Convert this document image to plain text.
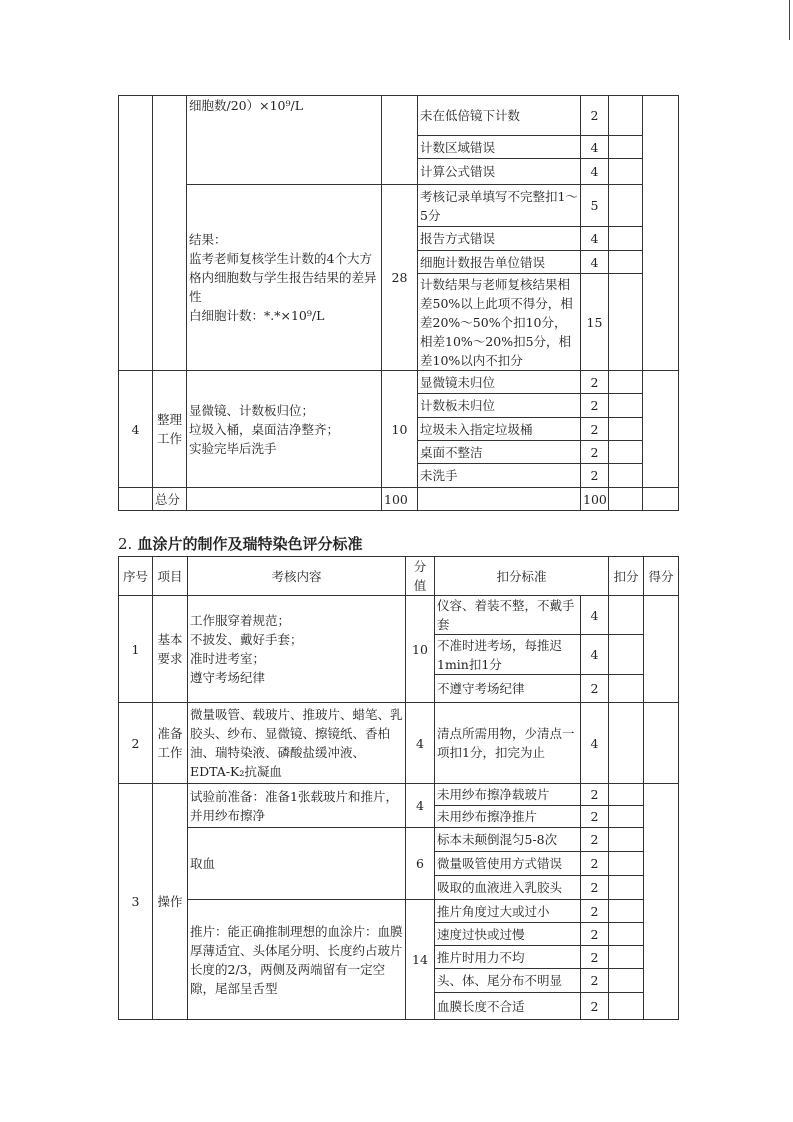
		细胞数/20）×10⁹/L		未在低倍镜下计数	2		
				计数区域错误	4		
				计算公式错误	4		

		结果：
监考老师复核学生计数的4个大方格内细胞数与学生报告结果的差异性
白细胞计数：*.*×10⁹/L	28	考核记录单填写不完整扣1～5分	5		
				报告方式错误	4		
				细胞计数报告单位错误	4		
				计数结果与老师复核结果相差50%以上此项不得分，相差20%～50%个扣10分，相差10%～20%扣5分，相差10%以内不扣分	15		
4	整理工作	显微镜、计数板归位；
垃圾入桶，桌面洁净整齐；
实验完毕后洗手	10	显微镜未归位	2		
				计数板未归位	2		
				垃圾未入指定垃圾桶	2		
				桌面不整洁	2		
				未洗手	2		
	总分		100		100		
2. 血涂片的制作及瑞特染色评分标准
序号	项目	考核内容	分值	扣分标准		扣分	得分
1	基本要求	工作服穿着规范；
不披发、戴好手套；
准时进考室；
遵守考场纪律	10	仪容、着装不整，不戴手套	4		
				不准时进考场，每推迟1min扣1分	4		
				不遵守考场纪律	2		
2	准备工作	微量吸管、载玻片、推玻片、蜡笔、乳胶头、纱布、显微镜、擦镜纸、香柏油、瑞特染液、磷酸盐缓冲液、EDTA-K₂抗凝血	4	清点所需用物，少清点一项扣1分，扣完为止	4		
3	操作	试验前准备：准备1张载玻片和推片，并用纱布擦净	4	未用纱布擦净载玻片	2		
				未用纱布擦净推片	2		
		取血	6	标本未颠倒混匀5-8次	2		
				微量吸管使用方式错误	2		
				吸取的血液进入乳胶头	2		
		推片：能正确推制理想的血涂片：血膜厚薄适宜、头体尾分明、长度约占玻片长度的2/3，两侧及两端留有一定空隙，尾部呈舌型	14	推片角度过大或过小	2		
				速度过快或过慢	2		
				推片时用力不均	2		
				头、体、尾分布不明显	2		
				血膜长度不合适	2		
